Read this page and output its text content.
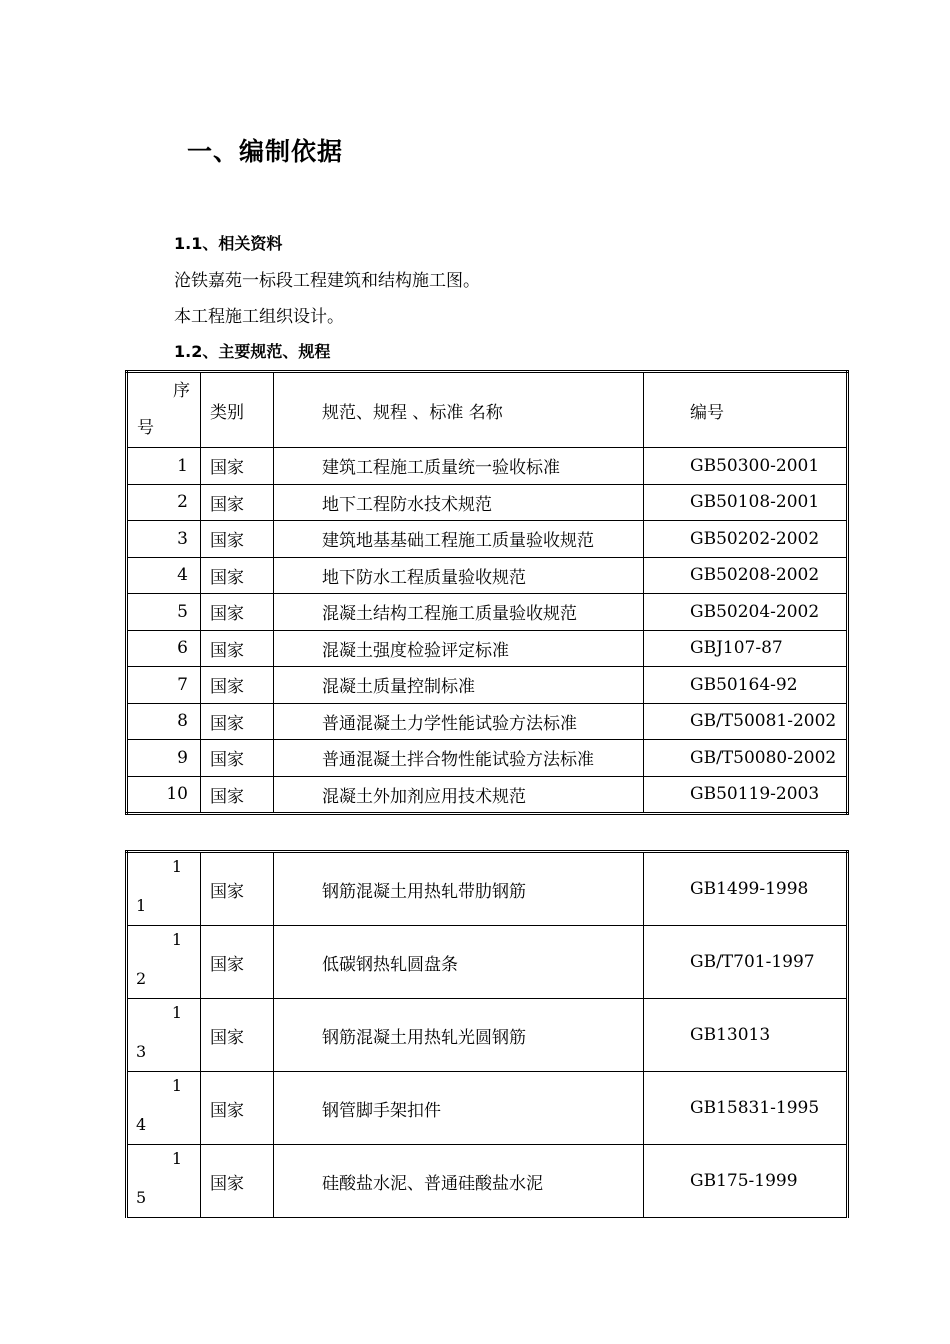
一、编制依据
1.1、相关资料
沧铁嘉苑一标段工程建筑和结构施工图。
本工程施工组织设计。
1.2、主要规范、规程
序
号	类别	规范、规程 、标准 名称	编号
1	国家	建筑工程施工质量统一验收标准	GB50300-2001
2	国家	地下工程防水技术规范	GB50108-2001
3	国家	建筑地基基础工程施工质量验收规范	GB50202-2002
4	国家	地下防水工程质量验收规范	GB50208-2002
5	国家	混凝土结构工程施工质量验收规范	GB50204-2002
6	国家	混凝土强度检验评定标准	GBJ107-87
7	国家	混凝土质量控制标准	GB50164-92
8	国家	普通混凝土力学性能试验方法标准	GB/T50081-2002
9	国家	普通混凝土拌合物性能试验方法标准	GB/T50080-2002
10	国家	混凝土外加剂应用技术规范	GB50119-2003
1
1	国家	钢筋混凝土用热轧带肋钢筋	GB1499-1998

1
2	国家	低碳钢热轧圆盘条	GB/T701-1997

1
3	国家	钢筋混凝土用热轧光圆钢筋	GB13013

1
4	国家	钢管脚手架扣件	GB15831-1995

1
5	国家	硅酸盐水泥、普通硅酸盐水泥	GB175-1999
